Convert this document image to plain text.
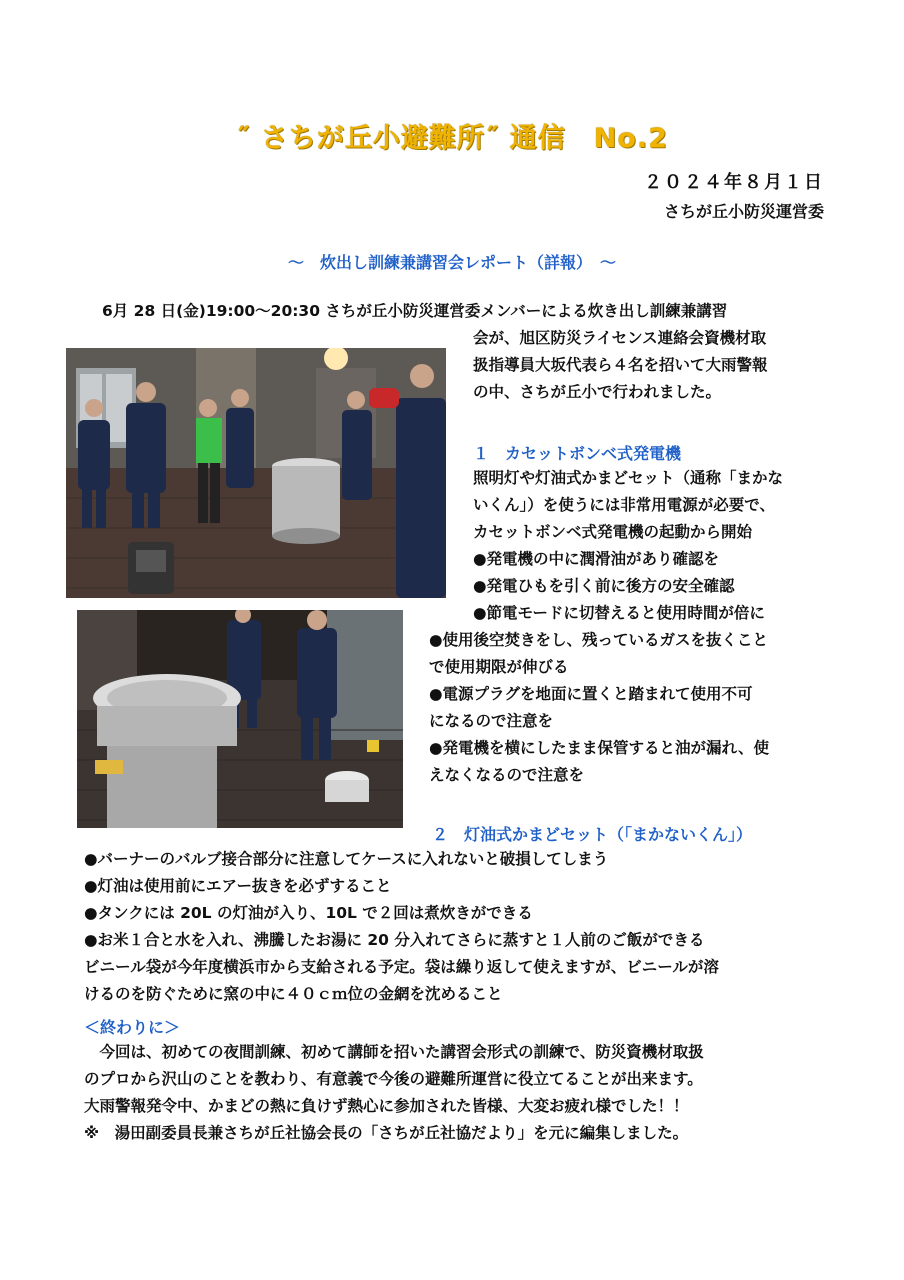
˝ さちが丘小避難所˝ 通信　No.2
２０２４年８月１日
さちが丘小防災運営委
～　炊出し訓練兼講習会レポート（詳報）　～
6月 28 日(金)19:00～20:30 さちが丘小防災運営委メンバーによる炊き出し訓練兼講習
会が、旭区防災ライセンス連絡会資機材取
扱指導員大坂代表ら４名を招いて大雨警報
の中、さちが丘小で行われました。
１　カセットボンベ式発電機
照明灯や灯油式かまどセット（通称「まかな
いくん」）を使うには非常用電源が必要で、
カセットボンベ式発電機の起動から開始
●発電機の中に潤滑油があり確認を
●発電ひもを引く前に後方の安全確認
●節電モードに切替えると使用時間が倍に
●使用後空焚きをし、残っているガスを抜くこと
で使用期限が伸びる
●電源プラグを地面に置くと踏まれて使用不可
になるので注意を
●発電機を横にしたまま保管すると油が漏れ、使
えなくなるので注意を
２　灯油式かまどセット（「まかないくん」）
●バーナーのバルブ接合部分に注意してケースに入れないと破損してしまう
●灯油は使用前にエアー抜きを必ずすること
●タンクには 20L の灯油が入り、10L で２回は煮炊きができる
●お米１合と水を入れ、沸騰したお湯に 20 分入れてさらに蒸すと１人前のご飯ができる
ビニール袋が今年度横浜市から支給される予定。袋は繰り返して使えますが、ビニールが溶
けるのを防ぐために窯の中に４０ｃｍ位の金網を沈めること
＜終わりに＞
　今回は、初めての夜間訓練、初めて講師を招いた講習会形式の訓練で、防災資機材取扱
のプロから沢山のことを教わり、有意義で今後の避難所運営に役立てることが出来ます。
大雨警報発令中、かまどの熱に負けず熱心に参加された皆様、大変お疲れ様でした！！
※　湯田副委員長兼さちが丘社協会長の「さちが丘社協だより」を元に編集しました。
